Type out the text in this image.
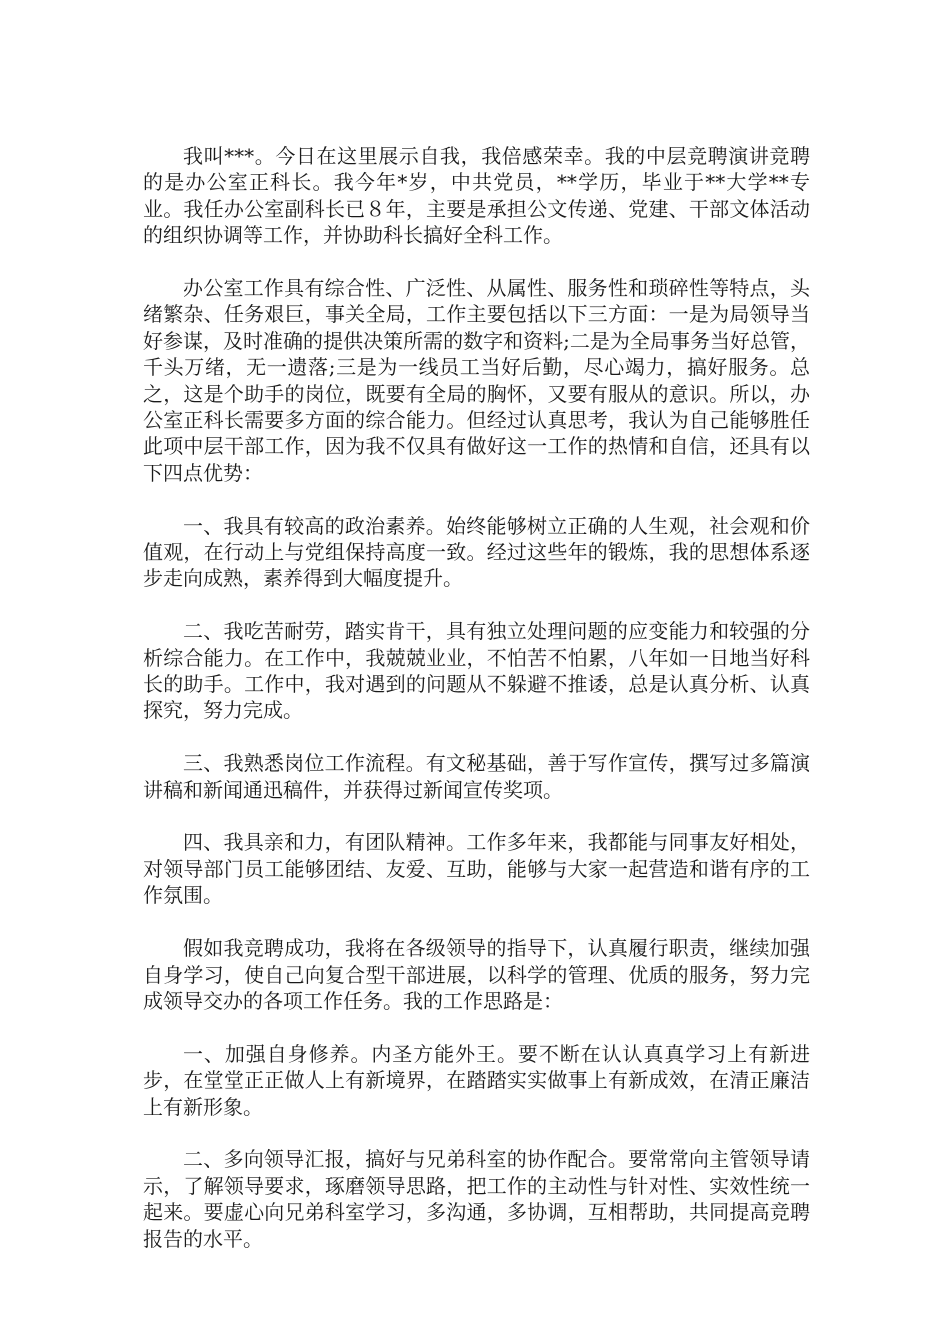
我叫***。今日在这里展示自我，我倍感荣幸。我的中层竞聘演讲竞聘的是办公室正科长。我今年*岁，中共党员，**学历，毕业于**大学**专业。我任办公室副科长已８年，主要是承担公文传递、党建、干部文体活动的组织协调等工作，并协助科长搞好全科工作。

办公室工作具有综合性、广泛性、从属性、服务性和琐碎性等特点，头绪繁杂、任务艰巨，事关全局，工作主要包括以下三方面：一是为局领导当好参谋，及时准确的提供决策所需的数字和资料;二是为全局事务当好总管，千头万绪，无一遗落;三是为一线员工当好后勤，尽心竭力，搞好服务。总之，这是个助手的岗位，既要有全局的胸怀，又要有服从的意识。所以，办公室正科长需要多方面的综合能力。但经过认真思考，我认为自己能够胜任此项中层干部工作，因为我不仅具有做好这一工作的热情和自信，还具有以下四点优势：

一、我具有较高的政治素养。始终能够树立正确的人生观，社会观和价值观，在行动上与党组保持高度一致。经过这些年的锻炼，我的思想体系逐步走向成熟，素养得到大幅度提升。

二、我吃苦耐劳，踏实肯干，具有独立处理问题的应变能力和较强的分析综合能力。在工作中，我兢兢业业，不怕苦不怕累，八年如一日地当好科长的助手。工作中，我对遇到的问题从不躲避不推诿，总是认真分析、认真探究，努力完成。

三、我熟悉岗位工作流程。有文秘基础，善于写作宣传，撰写过多篇演讲稿和新闻通迅稿件，并获得过新闻宣传奖项。

四、我具亲和力，有团队精神。工作多年来，我都能与同事友好相处，对领导部门员工能够团结、友爱、互助，能够与大家一起营造和谐有序的工作氛围。

假如我竞聘成功，我将在各级领导的指导下，认真履行职责，继续加强自身学习，使自己向复合型干部进展，以科学的管理、优质的服务，努力完成领导交办的各项工作任务。我的工作思路是：

一、加强自身修养。内圣方能外王。要不断在认认真真学习上有新进步，在堂堂正正做人上有新境界，在踏踏实实做事上有新成效，在清正廉洁上有新形象。

二、多向领导汇报，搞好与兄弟科室的协作配合。要常常向主管领导请示，了解领导要求，琢磨领导思路，把工作的主动性与针对性、实效性统一起来。要虚心向兄弟科室学习，多沟通，多协调，互相帮助，共同提高竞聘报告的水平。
